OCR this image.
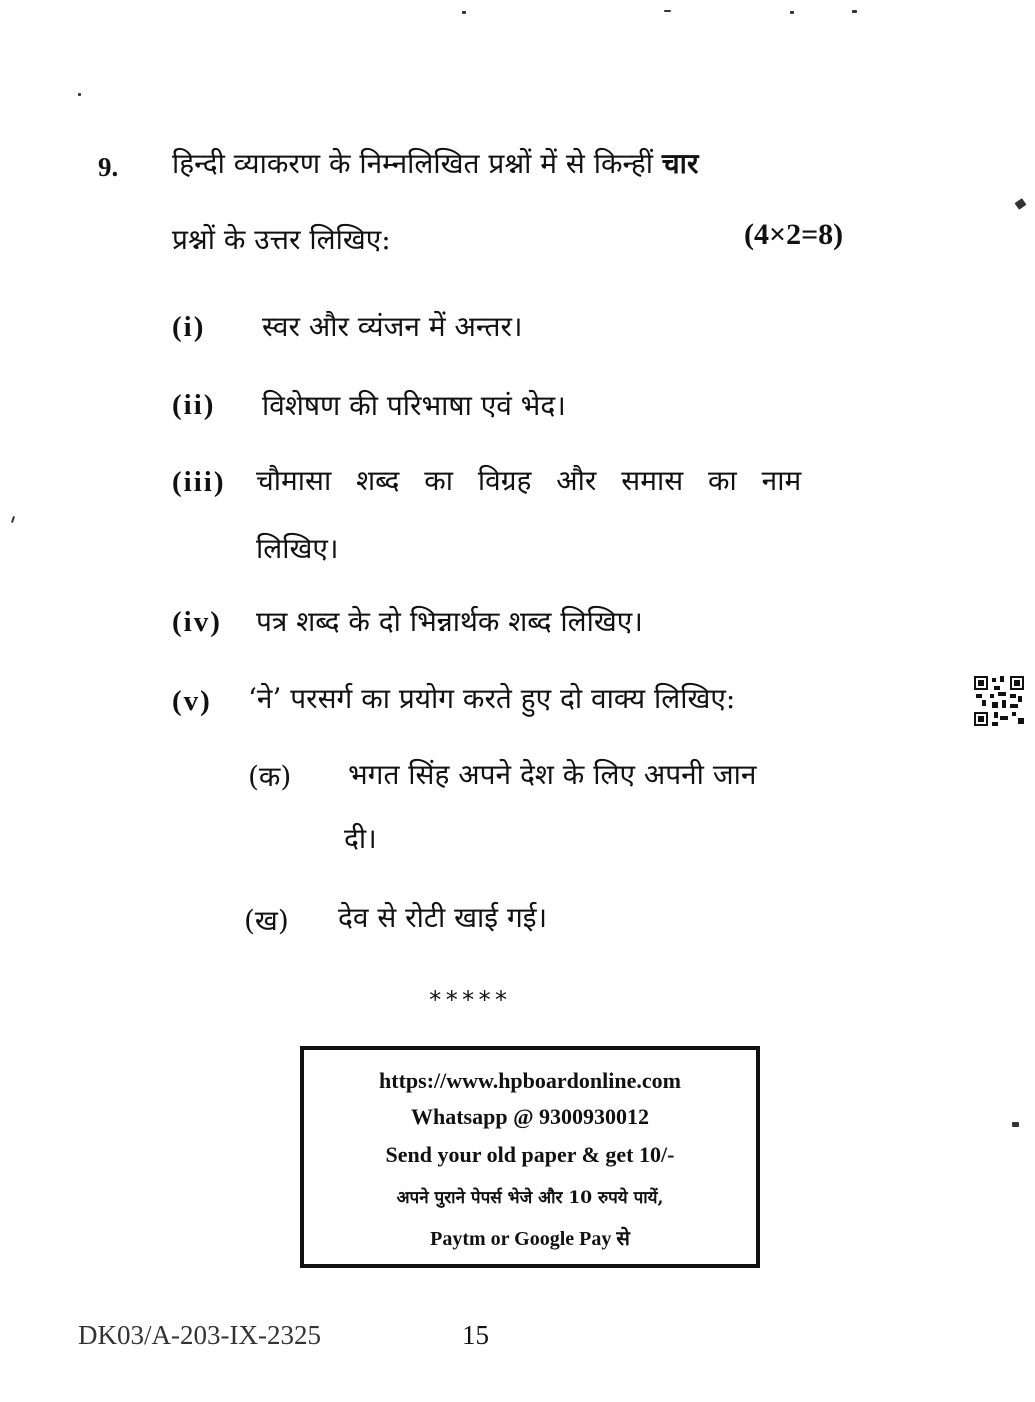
9. हिन्दी व्याकरण के निम्नलिखित प्रश्नों में से किन्हीं चार
प्रश्नों के उत्तर लिखिए:	(4×2=8)
(i) स्वर और व्यंजन में अन्तर।
(ii) विशेषण की परिभाषा एवं भेद।
(iii) चौमासा शब्द का विग्रह और समास का नाम
लिखिए।
(iv) पत्र शब्द के दो भिन्नार्थक शब्द लिखिए।
(v) ‘ने’ परसर्ग का प्रयोग करते हुए दो वाक्य लिखिए:
(क) भगत सिंह अपने देश के लिए अपनी जान
दी।
(ख) देव से रोटी खाई गई।
*****
https://www.hpboardonline.com
Whatsapp @ 9300930012
Send your old paper & get 10/-
अपने पुराने पेपर्स भेजे और 10 रुपये पायें,
Paytm or Google Pay से
DK03/A-203-IX-2325	15
